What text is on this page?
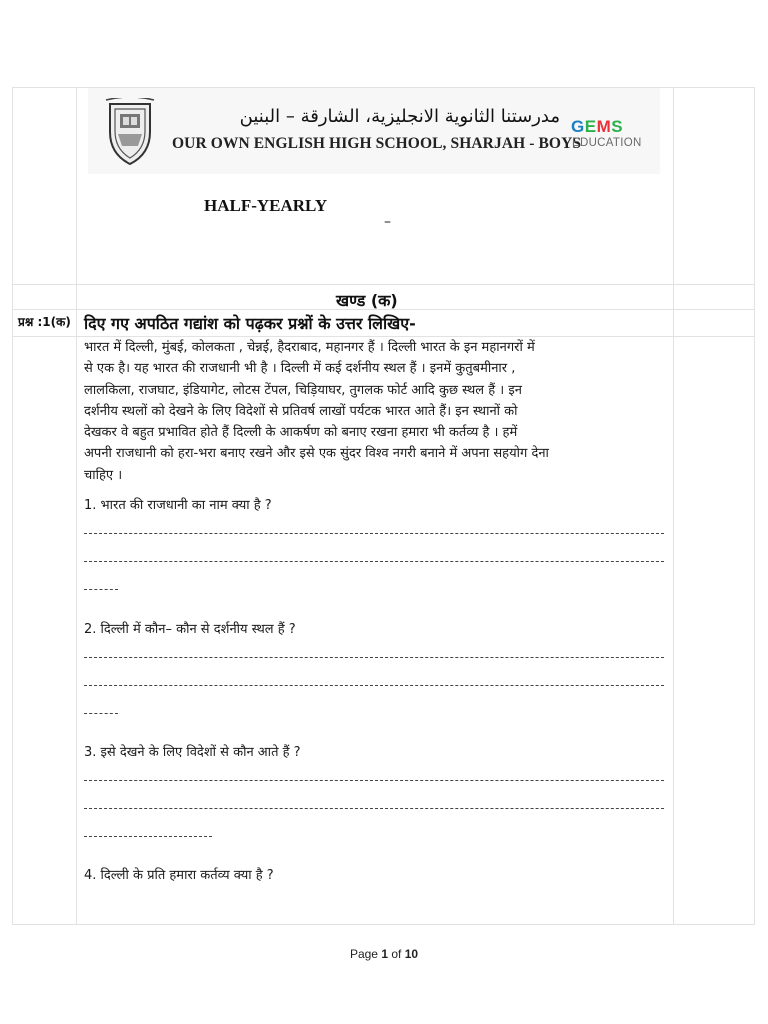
مدرستنا الثانوية الانجليزية، الشارقة – البنين
OUR OWN ENGLISH HIGH SCHOOL, SHARJAH - BOYS
GEMS
EDUCATION
HALF-YEARLY
–
खण्ड (क)
प्रश्न :1(क) दिए गए अपठित गद्यांश को पढ़कर प्रश्नों के उत्तर लिखिए-
भारत में दिल्ली, मुंबई, कोलकता , चेन्नई, हैदराबाद, महानगर हैं । दिल्ली भारत के इन महानगरों में
से एक है। यह भारत की राजधानी भी है । दिल्ली में कई दर्शनीय स्थल हैं । इनमें कुतुबमीनार ,
लालकिला, राजघाट, इंडियागेट, लोटस टेंपल, चिड़ियाघर, तुगलक फोर्ट आदि कुछ स्थल हैं । इन
दर्शनीय स्थलों को देखने के लिए विदेशों से प्रतिवर्ष लाखों पर्यटक भारत आते हैं। इन स्थानों को
देखकर वे बहुत प्रभावित होते हैं दिल्ली के आकर्षण को बनाए रखना हमारा भी कर्तव्य है । हमें
अपनी राजधानी को हरा-भरा बनाए रखने और इसे एक सुंदर विश्व नगरी बनाने में अपना सहयोग देना
चाहिए ।
1. भारत की राजधानी का नाम क्या है ?
2. दिल्ली में कौन– कौन से दर्शनीय स्थल हैं ?
3. इसे देखने के लिए विदेशों से कौन आते हैं ?
4. दिल्ली के प्रति हमारा कर्तव्य क्या है ?
Page 1 of 10
